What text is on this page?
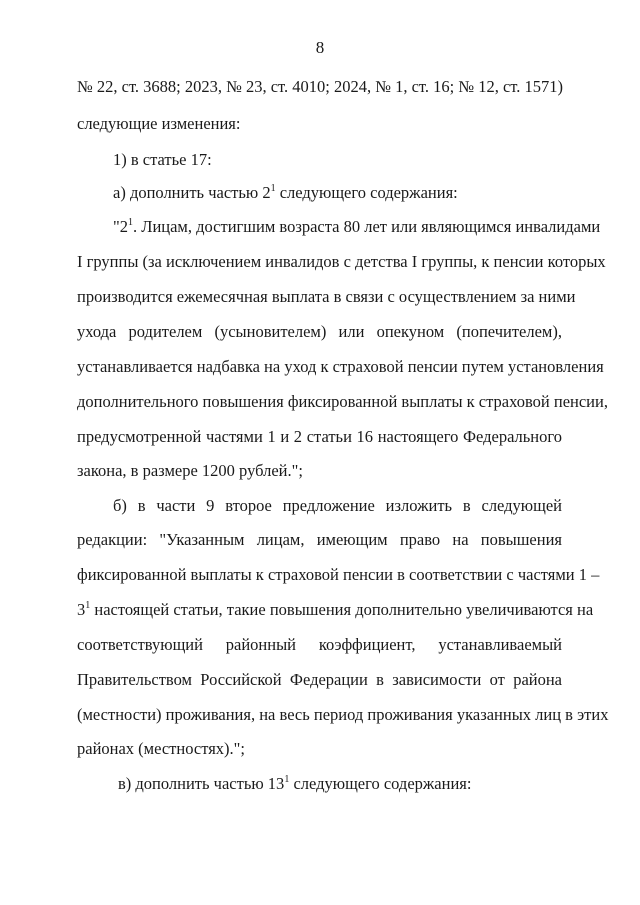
8
№ 22, ст. 3688; 2023, № 23, ст. 4010; 2024, № 1, ст. 16; № 12, ст. 1571)
следующие изменения:
1) в статье 17:
а) дополнить частью $2^1$ следующего содержания:
"$2^1$. Лицам, достигшим возраста 80 лет или являющимся инвалидами
I группы (за исключением инвалидов с детства I группы, к пенсии которых
производится ежемесячная выплата в связи с осуществлением за ними
ухода родителем (усыновителем) или опекуном (попечителем),
устанавливается надбавка на уход к страховой пенсии путем установления
дополнительного повышения фиксированной выплаты к страховой пенсии,
предусмотренной частями 1 и 2 статьи 16 настоящего Федерального
закона, в размере 1200 рублей.";
б) в части 9 второе предложение изложить в следующей
редакции: "Указанным лицам, имеющим право на повышения
фиксированной выплаты к страховой пенсии в соответствии с частями 1 –
$3^1$ настоящей статьи, такие повышения дополнительно увеличиваются на
соответствующий районный коэффициент, устанавливаемый
Правительством Российской Федерации в зависимости от района
(местности) проживания, на весь период проживания указанных лиц в этих
районах (местностях).";
в) дополнить частью $13^1$ следующего содержания:
